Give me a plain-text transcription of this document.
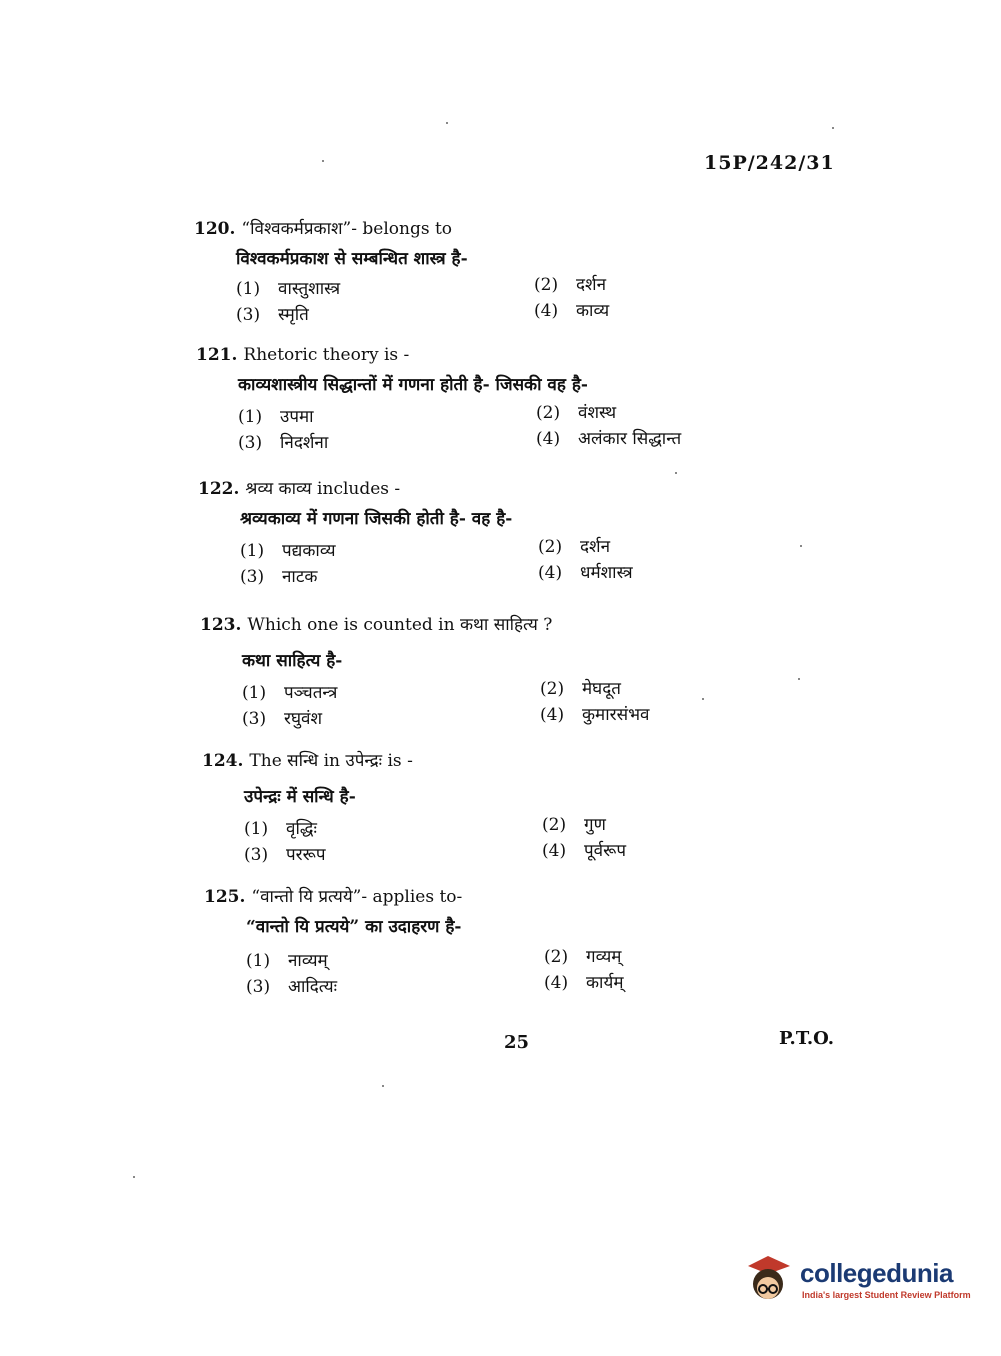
15P/242/31
120. “विश्वकर्मप्रकाश”- belongs to
विश्वकर्मप्रकाश से सम्बन्धित शास्त्र है-
(1) वास्तुशास्त्र	(2) दर्शन
(3) स्मृति	(4) काव्य
121. Rhetoric theory is -
काव्यशास्त्रीय सिद्धान्तों में गणना होती है- जिसकी वह है-
(1) उपमा	(2) वंशस्थ
(3) निदर्शना	(4) अलंकार सिद्धान्त
122. श्रव्य काव्य includes -
श्रव्यकाव्य में गणना जिसकी होती है- वह है-
(1) पद्यकाव्य	(2) दर्शन
(3) नाटक	(4) धर्मशास्त्र
123. Which one is counted in कथा साहित्य ?
कथा साहित्य है-
(1) पञ्चतन्त्र	(2) मेघदूत
(3) रघुवंश	(4) कुमारसंभव
124. The सन्धि in उपेन्द्रः is -
उपेन्द्रः में सन्धि है-
(1) वृद्धिः	(2) गुण
(3) पररूप	(4) पूर्वरूप
125. “वान्तो यि प्रत्यये”- applies to-
“वान्तो यि प्रत्यये” का उदाहरण है-
(1) नाव्यम्	(2) गव्यम्
(3) आदित्यः	(4) कार्यम्
25	P.T.O.
collegedunia
India's largest Student Review Platform
